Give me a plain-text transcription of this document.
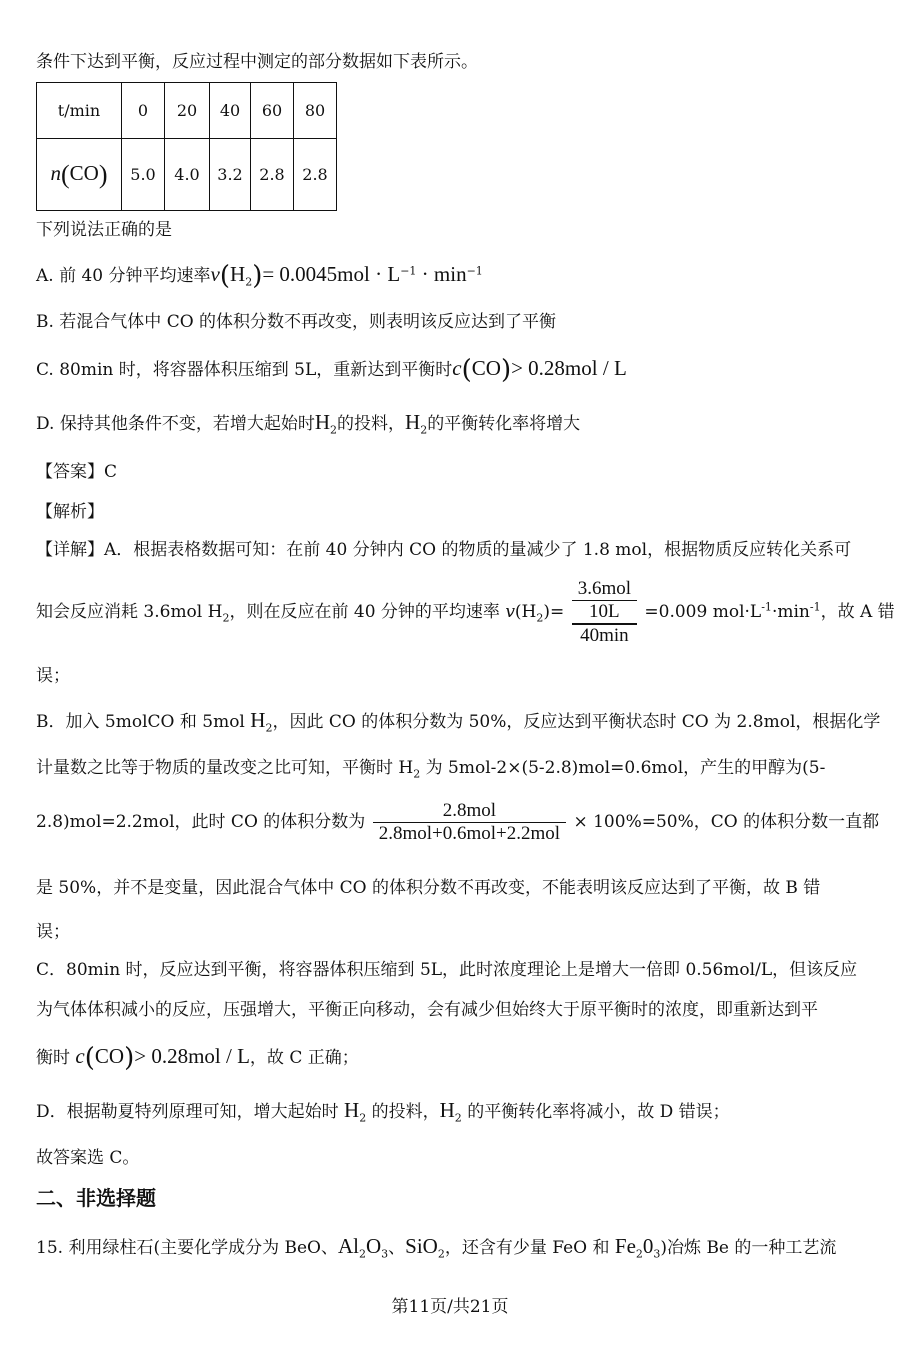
条件下达到平衡，反应过程中测定的部分数据如下表所示。
t/min	0	20	40	60	80
n(CO)	5.0	4.0	3.2	2.8	2.8
下列说法正确的是
A. 前 40 分钟平均速率$v(H_2)= 0.0045mol \cdot L^{-1} \cdot \min^{-1}$
B. 若混合气体中 CO 的体积分数不再改变，则表明该反应达到了平衡
C. 80min 时，将容器体积压缩到 5L，重新达到平衡时c(CO)> 0.28mol / L
D. 保持其他条件不变，若增大起始时$H_2$的投料，$H_2$的平衡转化率将增大
【答案】C
【解析】
【详解】A．根据表格数据可知：在前 40 分钟内 CO 的物质的量减少了 1.8 mol，根据物质反应转化关系可
知会反应消耗 3.6mol $H_2$，则在反应在前 40 分钟的平均速率 $v(H_2)=$
3.6mol
10L
40min
=0.009 $mol\cdot L^{-1}\cdot\min^{-1}$，故 A 错
误；
B．加入 5molCO 和 5mol $H_2$，因此 CO 的体积分数为 50%，反应达到平衡状态时 CO 为 2.8mol，根据化学
计量数之比等于物质的量改变之比可知，平衡时 $H_2$ 为 5mol-2×(5-2.8)mol=0.6mol，产生的甲醇为(5-
2.8)mol=2.2mol，此时 CO 的体积分数为 $\frac{\text{2.8mol}}{\text{2.8mol+0.6mol+2.2mol}} \times 100\%=50\%$，CO 的体积分数一直都
是 50%，并不是变量，因此混合气体中 CO 的体积分数不再改变，不能表明该反应达到了平衡，故 B 错
误；
C．80min 时，反应达到平衡，将容器体积压缩到 5L，此时浓度理论上是增大一倍即 0.56mol/L，但该反应
为气体体积减小的反应，压强增大，平衡正向移动，会有减少但始终大于原平衡时的浓度，即重新达到平
衡时 c(CO)> 0.28mol / L，故 C 正确；
D．根据勒夏特列原理可知，增大起始时 $H_2$ 的投料，$H_2$ 的平衡转化率将减小，故 D 错误；
故答案选 C。
二、非选择题
15. 利用绿柱石(主要化学成分为 BeO、$Al_2O_3$、SiO$_2$，还含有少量 FeO 和 $Fe_20_3$)冶炼 Be 的一种工艺流
第11页/共21页
